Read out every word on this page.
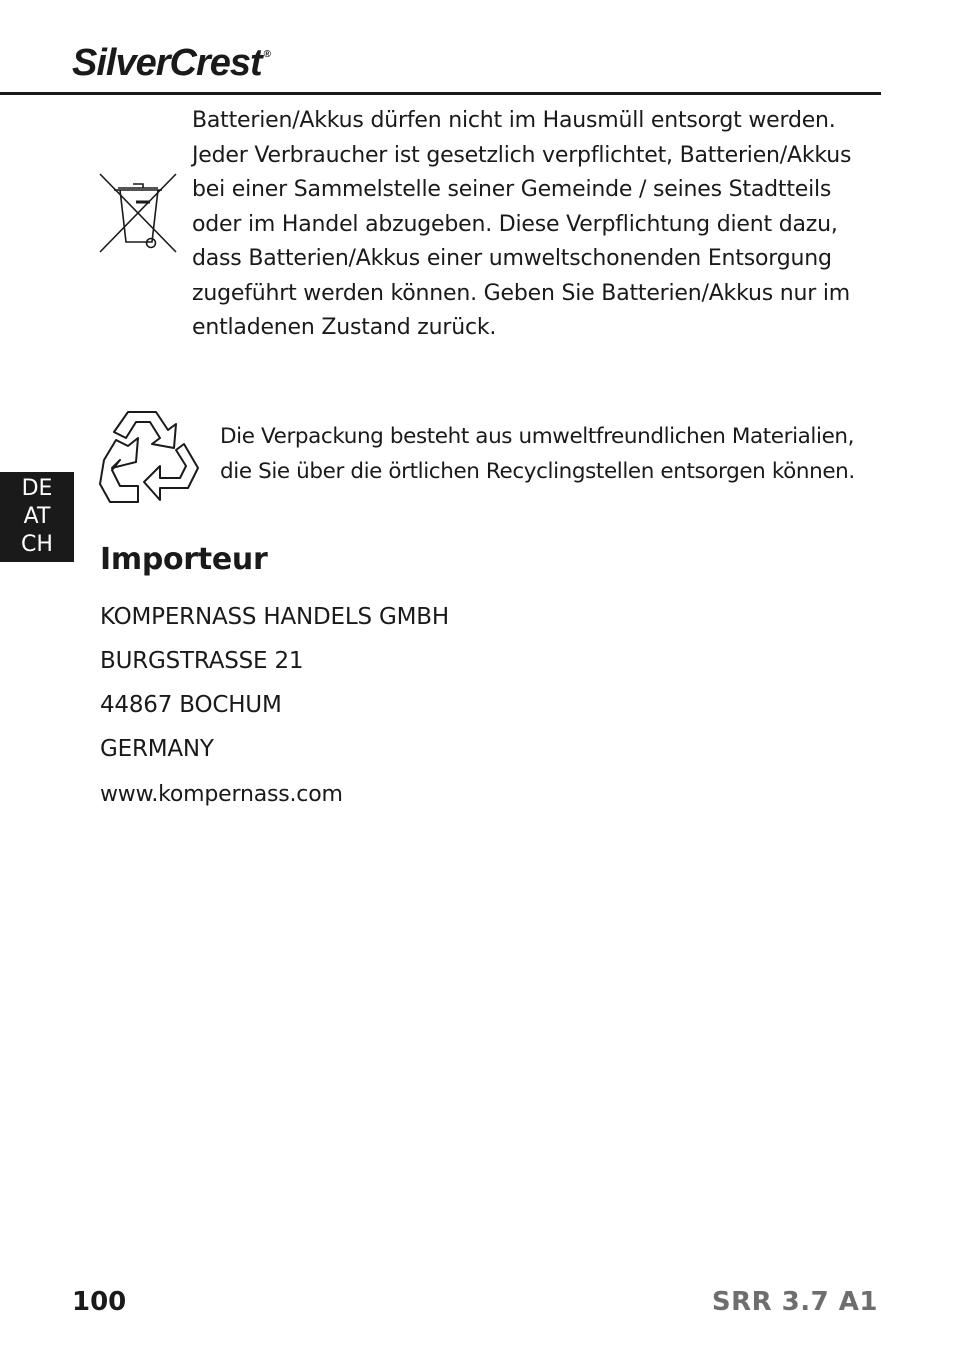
SilverCrest ®

Batterien/Akkus dürfen nicht im Hausmüll entsorgt werden. Jeder Verbraucher ist gesetzlich verpflichtet, Batterien/Akkus bei einer Sammelstelle seiner Gemeinde / seines Stadtteils oder im Handel abzugeben. Diese Verpflichtung dient dazu, dass Batterien/Akkus einer umweltschonenden Entsorgung zugeführt werden können. Geben Sie Batterien/Akkus nur im entladenen Zustand zurück.

Die Verpackung besteht aus umweltfreundlichen Materialien, die Sie über die örtlichen Recyclingstellen entsorgen können.

DE
AT
CH	Importeur

KOMPERNASS HANDELS GMBH

BURGSTRASSE 21

44867 BOCHUM

GERMANY

www.kompernass.com

100	SRR 3.7 A1
